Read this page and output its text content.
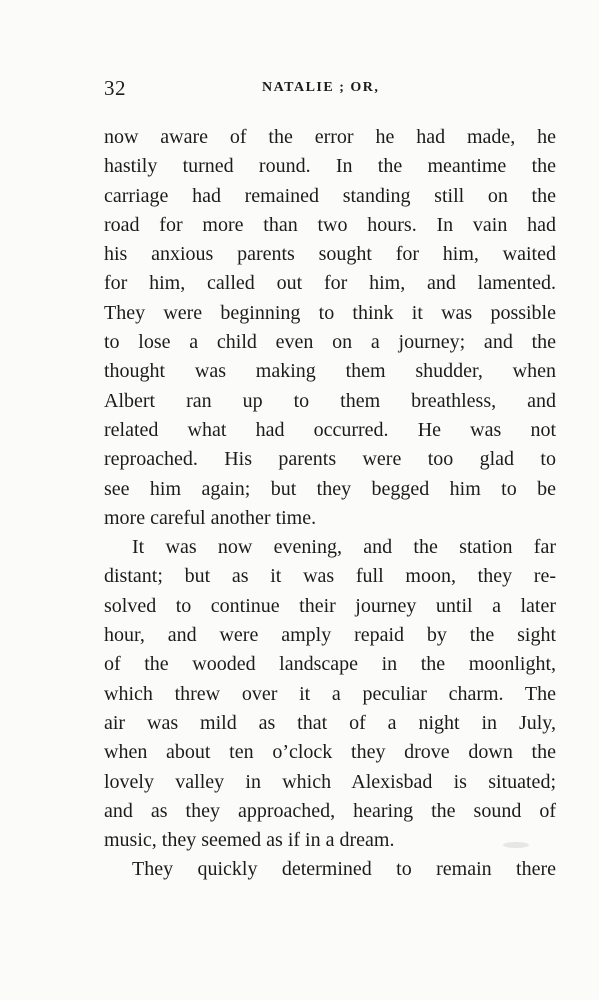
32	NATALIE ; OR,
now aware of the error he had made, he
hastily turned round. In the meantime the
carriage had remained standing still on the
road for more than two hours. In vain had
his anxious parents sought for him, waited
for him, called out for him, and lamented.
They were beginning to think it was possible
to lose a child even on a journey; and the
thought was making them shudder, when
Albert ran up to them breathless, and
related what had occurred. He was not
reproached. His parents were too glad to
see him again; but they begged him to be
more careful another time.
It was now evening, and the station far
distant; but as it was full moon, they re-
solved to continue their journey until a later
hour, and were amply repaid by the sight
of the wooded landscape in the moonlight,
which threw over it a peculiar charm. The
air was mild as that of a night in July,
when about ten o’clock they drove down the
lovely valley in which Alexisbad is situated;
and as they approached, hearing the sound of
music, they seemed as if in a dream.
They quickly determined to remain there
